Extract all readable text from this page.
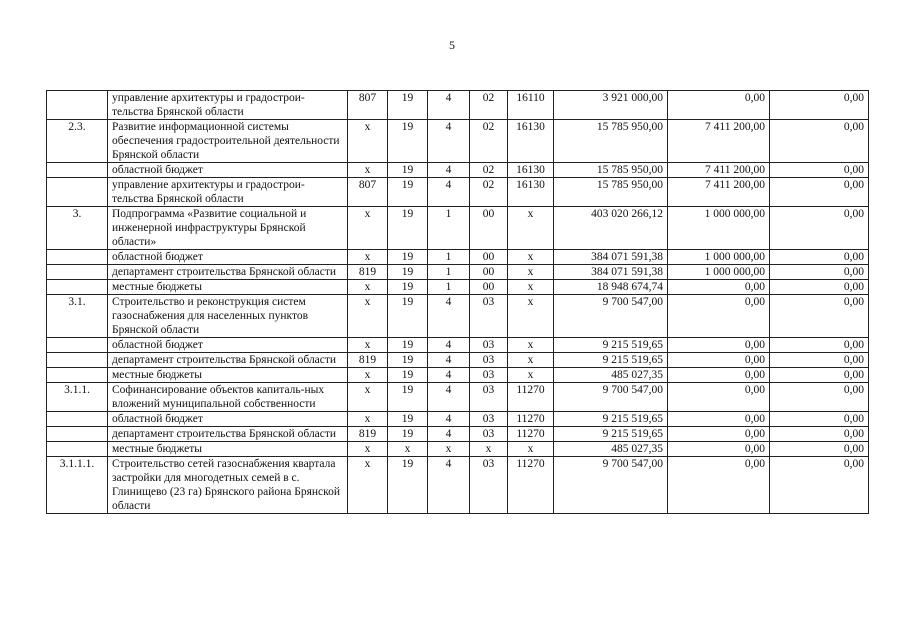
5
	управление архитектуры и градострои-тельства Брянской области	807	19	4	02	16110	3 921 000,00	0,00	0,00
2.3.	Развитие информационной системы обеспечения градостроительной деятельности Брянской области	х	19	4	02	16130	15 785 950,00	7 411 200,00	0,00
	областной бюджет	х	19	4	02	16130	15 785 950,00	7 411 200,00	0,00
	управление архитектуры и градострои-тельства Брянской области	807	19	4	02	16130	15 785 950,00	7 411 200,00	0,00
3.	Подпрограмма «Развитие социальной и инженерной инфраструктуры Брянской области»	х	19	1	00	х	403 020 266,12	1 000 000,00	0,00
	областной бюджет	х	19	1	00	х	384 071 591,38	1 000 000,00	0,00
	департамент строительства Брянской области	819	19	1	00	х	384 071 591,38	1 000 000,00	0,00
	местные бюджеты	х	19	1	00	х	18 948 674,74	0,00	0,00
3.1.	Строительство и реконструкция систем газоснабжения для населенных пунктов Брянской области	х	19	4	03	х	9 700 547,00	0,00	0,00
	областной бюджет	х	19	4	03	х	9 215 519,65	0,00	0,00
	департамент строительства Брянской области	819	19	4	03	х	9 215 519,65	0,00	0,00
	местные бюджеты	х	19	4	03	х	485 027,35	0,00	0,00
3.1.1.	Софинансирование объектов капиталь-ных вложений муниципальной собственности	х	19	4	03	11270	9 700 547,00	0,00	0,00
	областной бюджет	х	19	4	03	11270	9 215 519,65	0,00	0,00
	департамент строительства Брянской области	819	19	4	03	11270	9 215 519,65	0,00	0,00
	местные бюджеты	х	х	х	х	х	485 027,35	0,00	0,00
3.1.1.1.	Строительство сетей газоснабжения квартала застройки для многодетных семей в с. Глинищево (23 га) Брянского района Брянской области	х	19	4	03	11270	9 700 547,00	0,00	0,00
